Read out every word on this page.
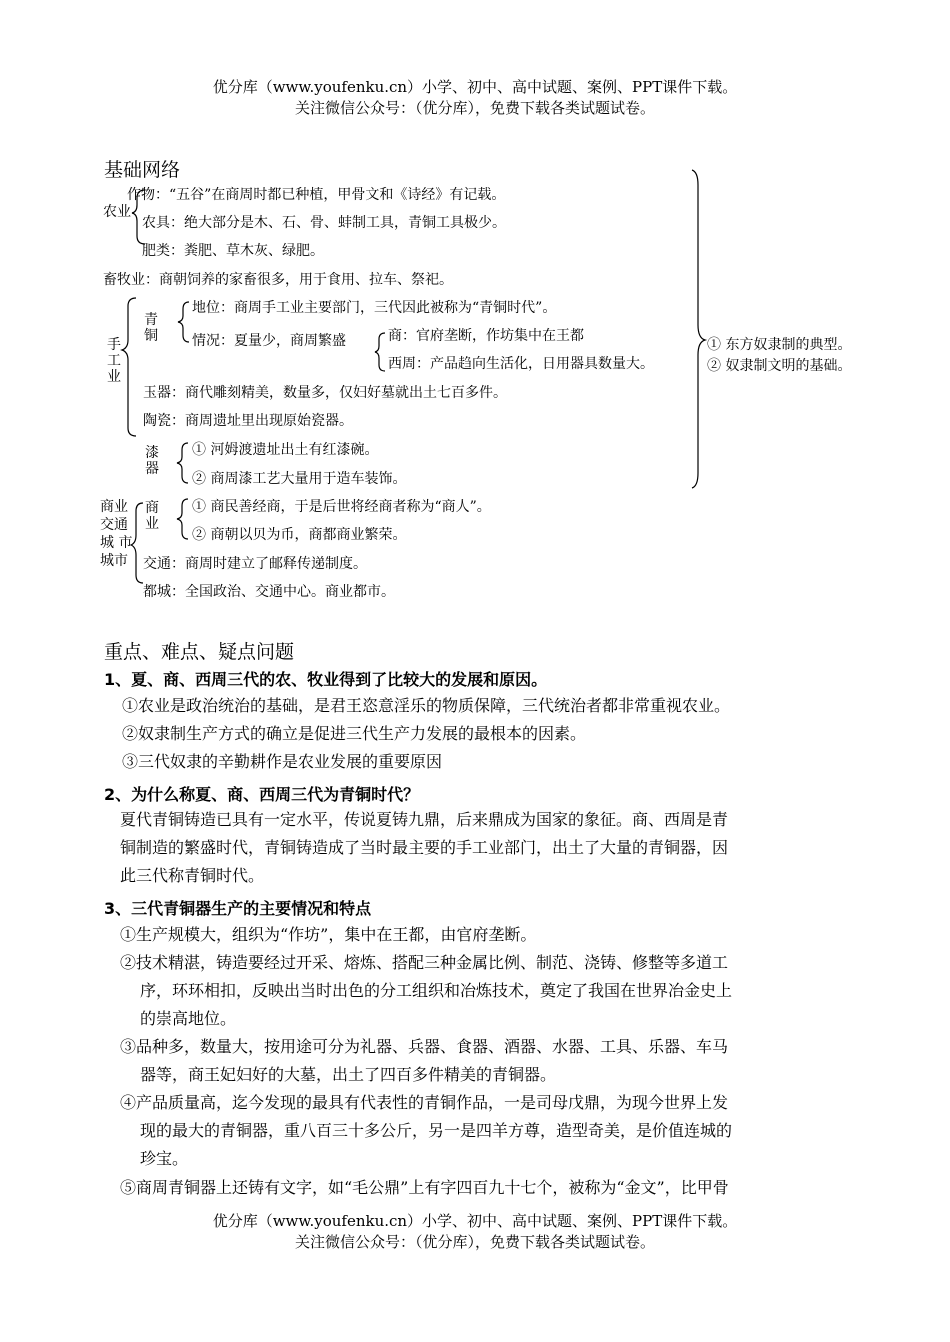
优分库（www.youfenku.cn）小学、初中、高中试题、案例、PPT课件下载。
关注微信公众号：（优分库），免费下载各类试题试卷。
基础网络
农业
作物：“五谷”在商周时都已种植，甲骨文和《诗经》有记载。
农具：绝大部分是木、石、骨、蚌制工具，青铜工具极少。
肥类：粪肥、草木灰、绿肥。
畜牧业：商朝饲养的家畜很多，用于食用、拉车、祭祀。
手工业
青铜
地位：商周手工业主要部门，三代因此被称为“青铜时代”。
情况：夏量少，商周繁盛	商：官府垄断，作坊集中在王都
西周：产品趋向生活化，日用器具数量大。
玉器：商代雕刻精美，数量多，仅妇好墓就出土七百多件。
陶瓷：商周遗址里出现原始瓷器。
漆器
① 河姆渡遗址出土有红漆碗。
② 商周漆工艺大量用于造车装饰。
商业
交通
城 市
城市
商业
① 商民善经商，于是后世将经商者称为“商人”。
② 商朝以贝为币，商都商业繁荣。
交通：商周时建立了邮释传递制度。
都城：全国政治、交通中心。商业都市。
① 东方奴隶制的典型。
② 奴隶制文明的基础。
重点、难点、疑点问题
1、夏、商、西周三代的农、牧业得到了比较大的发展和原因。
①农业是政治统治的基础，是君王恣意淫乐的物质保障，三代统治者都非常重视农业。
②奴隶制生产方式的确立是促进三代生产力发展的最根本的因素。
③三代奴隶的辛勤耕作是农业发展的重要原因
2、为什么称夏、商、西周三代为青铜时代？
夏代青铜铸造已具有一定水平，传说夏铸九鼎，后来鼎成为国家的象征。商、西周是青
铜制造的繁盛时代，青铜铸造成了当时最主要的手工业部门，出土了大量的青铜器，因
此三代称青铜时代。
3、三代青铜器生产的主要情况和特点
①生产规模大，组织为“作坊”，集中在王都，由官府垄断。
②技术精湛，铸造要经过开采、熔炼、搭配三种金属比例、制范、浇铸、修整等多道工
序，环环相扣，反映出当时出色的分工组织和冶炼技术，奠定了我国在世界冶金史上
的崇高地位。
③品种多，数量大，按用途可分为礼器、兵器、食器、酒器、水器、工具、乐器、车马
器等，商王妃妇好的大墓，出土了四百多件精美的青铜器。
④产品质量高，迄今发现的最具有代表性的青铜作品，一是司母戊鼎，为现今世界上发
现的最大的青铜器，重八百三十多公斤，另一是四羊方尊，造型奇美，是价值连城的
珍宝。
⑤商周青铜器上还铸有文字，如“毛公鼎”上有字四百九十七个，被称为“金文”，比甲骨
优分库（www.youfenku.cn）小学、初中、高中试题、案例、PPT课件下载。
关注微信公众号：（优分库），免费下载各类试题试卷。
